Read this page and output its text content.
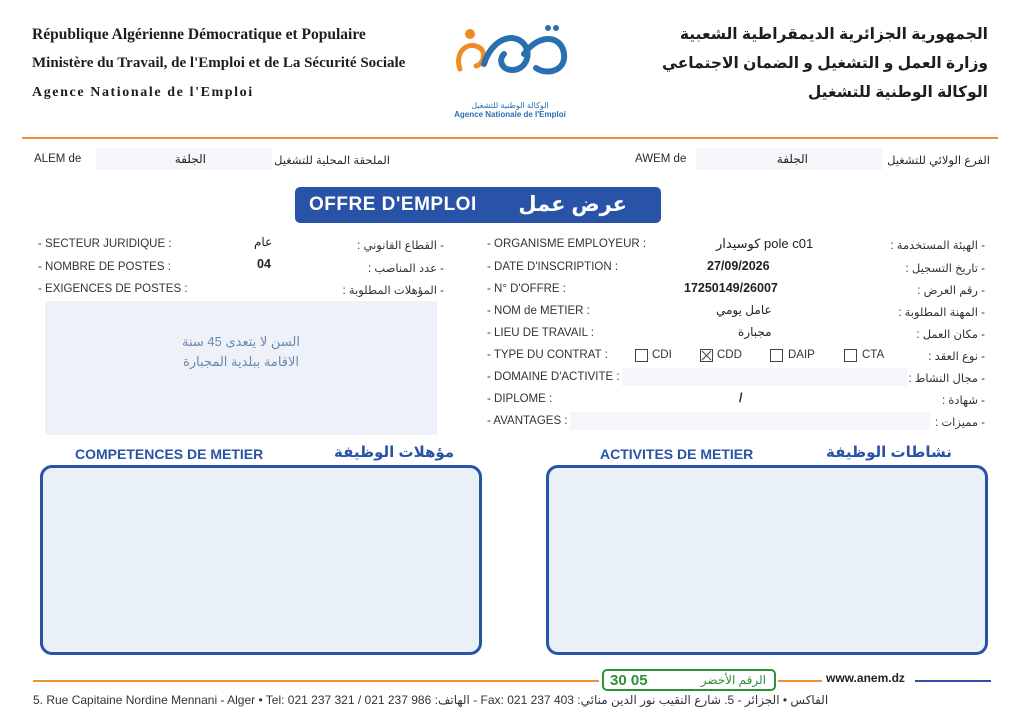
République Algérienne Démocratique et Populaire
Ministère du Travail, de l'Emploi et de La Sécurité Sociale
Agence Nationale de l'Emploi
الوكالة الوطنية للتشغيل
Agence Nationale de l'Emploi
الجمهورية الجزائرية الديمقراطية الشعبية
وزارة العمل و التشغيل و الضمان الاجتماعي
الوكالة الوطنية للتشغيل
ALEM de	الجلفة	الملحقة المحلية للتشغيل	AWEM de	الجلفة	الفرع الولائي للتشغيل
OFFRE D'EMPLOI عرض عمل
- SECTEUR JURIDIQUE :	عام	- القطاع القانوني :
- NOMBRE DE POSTES :	04	- عدد المناصب :
- EXIGENCES DE POSTES :	- المؤهلات المطلوبة :
السن لا يتعدى 45 سنة
الاقامة ببلدية المجبارة
- ORGANISME EMPLOYEUR :	كوسيدار pole c01	- الهيئة المستخدمة :
- DATE D'INSCRIPTION :	27/09/2026	- تاريخ التسجيل :
- N° D'OFFRE :	17250149/26007	- رقم العرض :
- NOM de METIER :	عامل يومي	- المهنة المطلوبة :
- LIEU DE TRAVAIL :	مجبارة	- مكان العمل :
- TYPE DU CONTRAT :	CDI	CDD	DAIP	CTA	- نوع العقد :
- DOMAINE D'ACTIVITE :	- مجال النشاط :
- DIPLOME :	/	- شهادة :
- AVANTAGES :	- مميزات :
COMPETENCES DE METIER	مؤهلات الوظيفة	ACTIVITES DE METIER	نشاطات الوظيفة
30 05	الرقم الأخضر	www.anem.dz
5. Rue Capitaine Nordine Mennani - Alger • Tel: 021 237 321 / 021 237 986 :الهاتف - Fax: 021 237 403 :الفاكس • الجزائر - 5. شارع النقيب نور الدين منائي
